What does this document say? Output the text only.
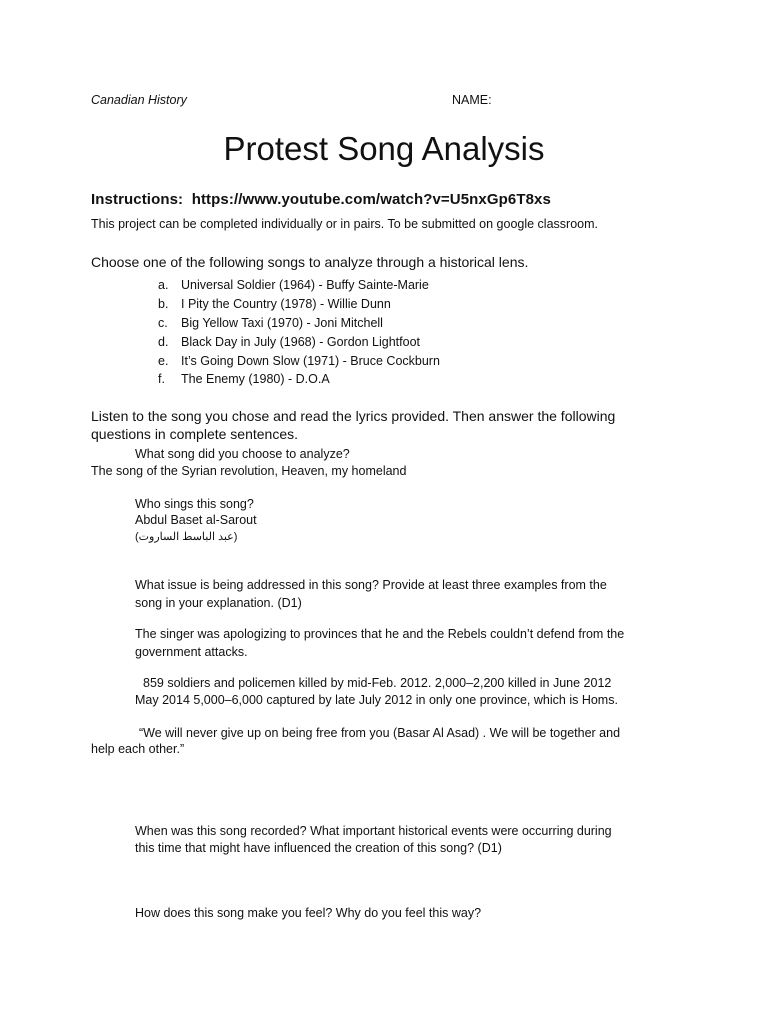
Canadian History	NAME:
Protest Song Analysis
Instructions: https://www.youtube.com/watch?v=U5nxGp6T8xs
This project can be completed individually or in pairs. To be submitted on google classroom.
Choose one of the following songs to analyze through a historical lens.
a. Universal Soldier (1964) - Buffy Sainte-Marie
b. I Pity the Country (1978) - Willie Dunn
c. Big Yellow Taxi (1970) - Joni Mitchell
d. Black Day in July (1968) - Gordon Lightfoot
e. It’s Going Down Slow (1971) - Bruce Cockburn
f. The Enemy (1980) - D.O.A
Listen to the song you chose and read the lyrics provided. Then answer the following
questions in complete sentences.
What song did you choose to analyze?
The song of the Syrian revolution, Heaven, my homeland
Who sings this song?
Abdul Baset al-Sarout
(عبد الباسط الساروت)
What issue is being addressed in this song? Provide at least three examples from the
song in your explanation. (D1)
The singer was apologizing to provinces that he and the Rebels couldn’t defend from the
government attacks.
859 soldiers and policemen killed by mid-Feb. 2012. 2,000–2,200 killed in June 2012
May 2014 5,000–6,000 captured by late July 2012 in only one province, which is Homs.
“We will never give up on being free from you (Basar Al Asad) . We will be together and
help each other.”
When was this song recorded? What important historical events were occurring during
this time that might have influenced the creation of this song? (D1)
How does this song make you feel? Why do you feel this way?
